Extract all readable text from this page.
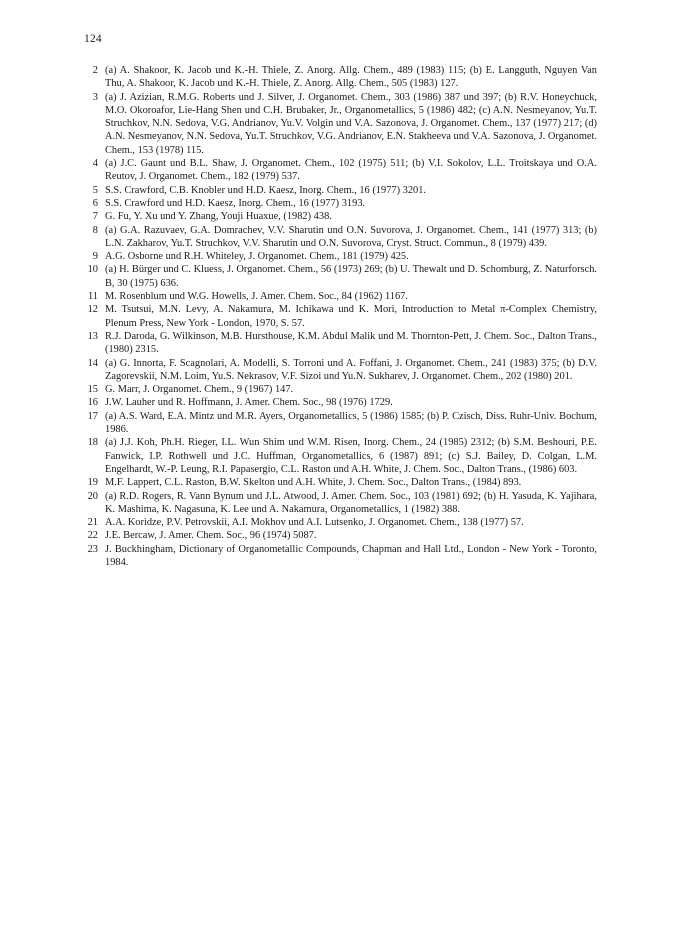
124
2 (a) A. Shakoor, K. Jacob und K.-H. Thiele, Z. Anorg. Allg. Chem., 489 (1983) 115; (b) E. Langguth, Nguyen Van Thu, A. Shakoor, K. Jacob und K.-H. Thiele, Z. Anorg. Allg. Chem., 505 (1983) 127.
3 (a) J. Azizian, R.M.G. Roberts und J. Silver, J. Organomet. Chem., 303 (1986) 387 und 397; (b) R.V. Honeychuck, M.O. Okoroafor, Lie-Hang Shen und C.H. Brubaker, Jr., Organometallics, 5 (1986) 482; (c) A.N. Nesmeyanov, Yu.T. Struchkov, N.N. Sedova, V.G. Andrianov, Yu.V. Volgin und V.A. Sazonova, J. Organomet. Chem., 137 (1977) 217; (d) A.N. Nesmeyanov, N.N. Sedova, Yu.T. Struchkov, V.G. Andrianov, E.N. Stakheeva und V.A. Sazonova, J. Organomet. Chem., 153 (1978) 115.
4 (a) J.C. Gaunt und B.L. Shaw, J. Organomet. Chem., 102 (1975) 511; (b) V.I. Sokolov, L.L. Troitskaya und O.A. Reutov, J. Organomet. Chem., 182 (1979) 537.
5 S.S. Crawford, C.B. Knobler und H.D. Kaesz, Inorg. Chem., 16 (1977) 3201.
6 S.S. Crawford und H.D. Kaesz, Inorg. Chem., 16 (1977) 3193.
7 G. Fu, Y. Xu und Y. Zhang, Youji Huaxue, (1982) 438.
8 (a) G.A. Razuvaev, G.A. Domrachev, V.V. Sharutin und O.N. Suvorova, J. Organomet. Chem., 141 (1977) 313; (b) L.N. Zakharov, Yu.T. Struchkov, V.V. Sharutin und O.N. Suvorova, Cryst. Struct. Commun., 8 (1979) 439.
9 A.G. Osborne und R.H. Whiteley, J. Organomet. Chem., 181 (1979) 425.
10 (a) H. Bürger und C. Kluess, J. Organomet. Chem., 56 (1973) 269; (b) U. Thewalt und D. Schomburg, Z. Naturforsch. B, 30 (1975) 636.
11 M. Rosenblum und W.G. Howells, J. Amer. Chem. Soc., 84 (1962) 1167.
12 M. Tsutsui, M.N. Levy, A. Nakamura, M. Ichikawa und K. Mori, Introduction to Metal π-Complex Chemistry, Plenum Press, New York - London, 1970, S. 57.
13 R.J. Daroda, G. Wilkinson, M.B. Hursthouse, K.M. Abdul Malik und M. Thornton-Pett, J. Chem. Soc., Dalton Trans., (1980) 2315.
14 (a) G. Innorta, F. Scagnolari, A. Modelli, S. Torroni und A. Foffani, J. Organomet. Chem., 241 (1983) 375; (b) D.V. Zagorevskii, N.M. Loim, Yu.S. Nekrasov, V.F. Sizoi und Yu.N. Sukharev, J. Organomet. Chem., 202 (1980) 201.
15 G. Marr, J. Organomet. Chem., 9 (1967) 147.
16 J.W. Lauher und R. Hoffmann, J. Amer. Chem. Soc., 98 (1976) 1729.
17 (a) A.S. Ward, E.A. Mintz und M.R. Ayers, Organometallics, 5 (1986) 1585; (b) P. Czisch, Diss. Ruhr-Univ. Bochum, 1986.
18 (a) J.J. Koh, Ph.H. Rieger, I.L. Wun Shim und W.M. Risen, Inorg. Chem., 24 (1985) 2312; (b) S.M. Beshouri, P.E. Fanwick, I.P. Rothwell und J.C. Huffman, Organometallics, 6 (1987) 891; (c) S.J. Bailey, D. Colgan, L.M. Engelhardt, W.-P. Leung, R.I. Papasergio, C.L. Raston und A.H. White, J. Chem. Soc., Dalton Trans., (1986) 603.
19 M.F. Lappert, C.L. Raston, B.W. Skelton und A.H. White, J. Chem. Soc., Dalton Trans., (1984) 893.
20 (a) R.D. Rogers, R. Vann Bynum und J.L. Atwood, J. Amer. Chem. Soc., 103 (1981) 692; (b) H. Yasuda, K. Yajihara, K. Mashima, K. Nagasuna, K. Lee und A. Nakamura, Organometallics, 1 (1982) 388.
21 A.A. Koridze, P.V. Petrovskii, A.I. Mokhov und A.I. Lutsenko, J. Organomet. Chem., 138 (1977) 57.
22 J.E. Bercaw, J. Amer. Chem. Soc., 96 (1974) 5087.
23 J. Buckhingham, Dictionary of Organometallic Compounds, Chapman and Hall Ltd., London - New York - Toronto, 1984.
